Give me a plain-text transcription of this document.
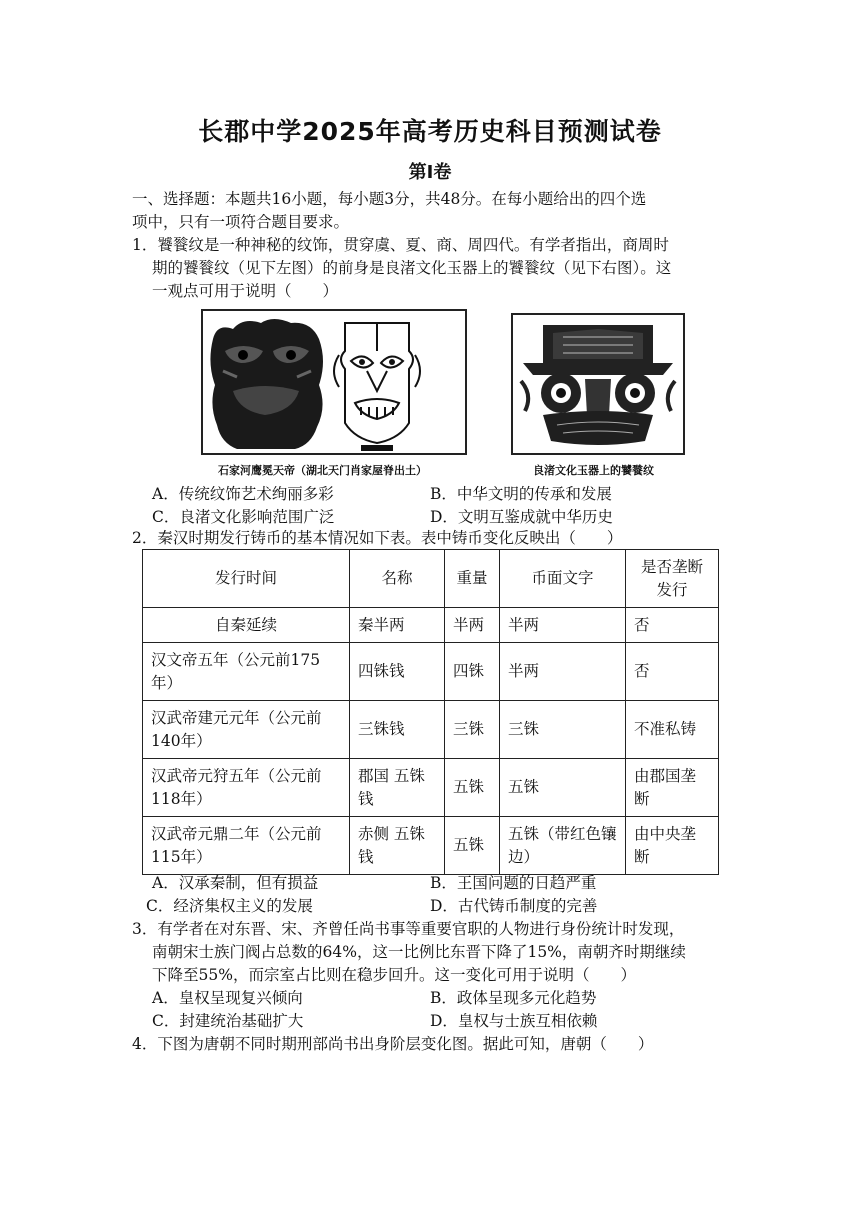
长郡中学2025年高考历史科目预测试卷
第Ⅰ卷
一、选择题：本题共16小题，每小题3分，共48分。在每小题给出的四个选
项中，只有一项符合题目要求。
1．饕餮纹是一种神秘的纹饰，贯穿虞、夏、商、周四代。有学者指出，商周时
期的饕餮纹（见下左图）的前身是良渚文化玉器上的饕餮纹（见下右图）。这
一观点可用于说明（　　）
石家河鹰冕天帝（湖北天门肖家屋脊出土）	良渚文化玉器上的饕餮纹
A．传统纹饰艺术绚丽多彩	B．中华文明的传承和发展
C．良渚文化影响范围广泛	D．文明互鉴成就中华历史
2．秦汉时期发行铸币的基本情况如下表。表中铸币变化反映出（　　）
发行时间	名称	重量	币面文字	是否垄断发行
自秦延续	秦半两	半两	半两	否
汉文帝五年（公元前175年）	四铢钱	四铢	半两	否
汉武帝建元元年（公元前140年）	三铢钱	三铢	三铢	不准私铸
汉武帝元狩五年（公元前118年）	郡国 五铢钱	五铢	五铢	由郡国垄断
汉武帝元鼎二年（公元前115年）	赤侧 五铢钱	五铢	五铢（带红色镶边）	由中央垄断
A．汉承秦制，但有损益	B．王国问题的日趋严重
C．经济集权主义的发展	D．古代铸币制度的完善
3．有学者在对东晋、宋、齐曾任尚书事等重要官职的人物进行身份统计时发现，
南朝宋士族门阀占总数的64%，这一比例比东晋下降了15%，南朝齐时期继续
下降至55%，而宗室占比则在稳步回升。这一变化可用于说明（　　）
A．皇权呈现复兴倾向	B．政体呈现多元化趋势
C．封建统治基础扩大	D．皇权与士族互相依赖
4．下图为唐朝不同时期刑部尚书出身阶层变化图。据此可知，唐朝（　　）
